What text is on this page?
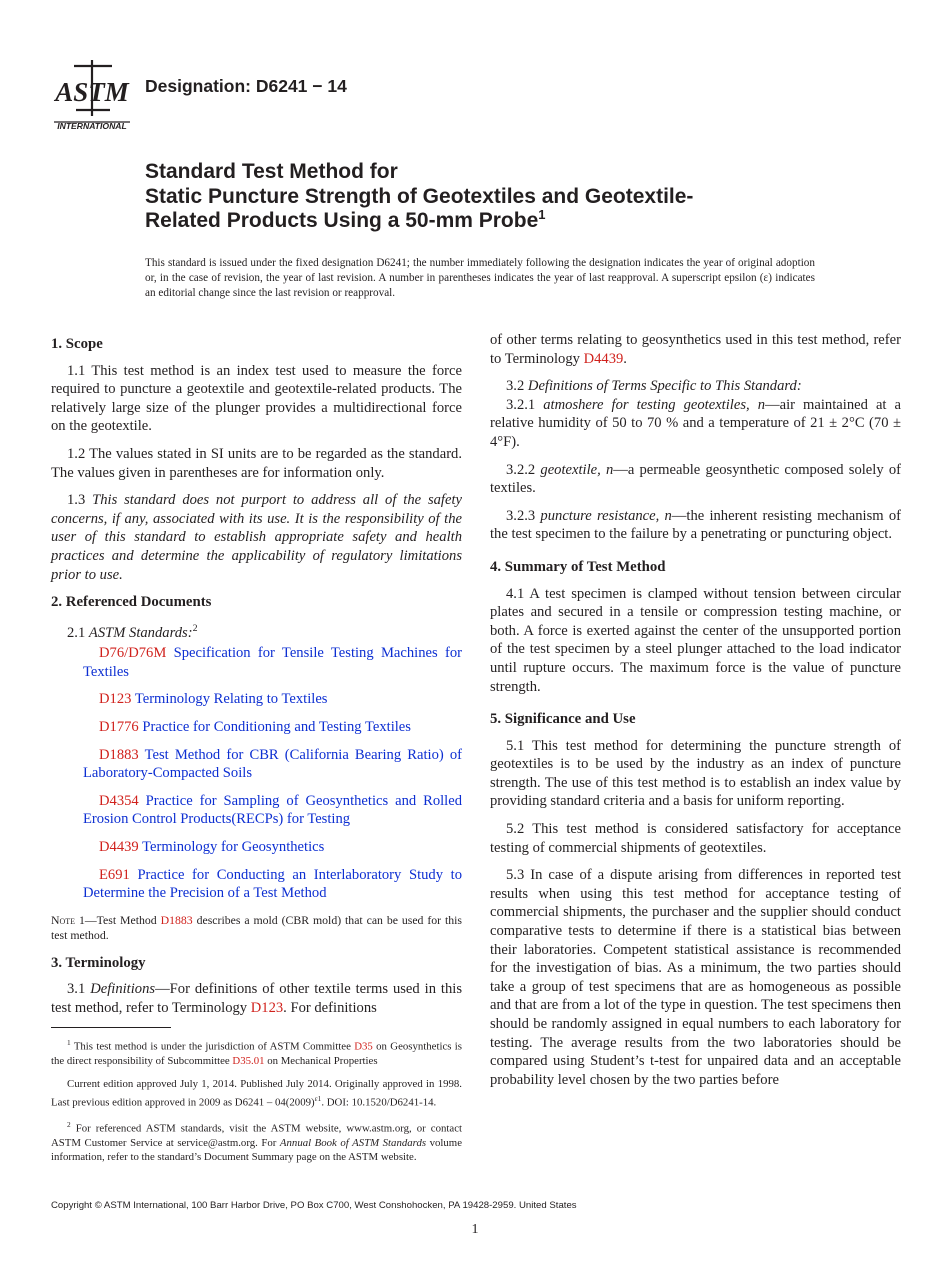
ASTM
INTERNATIONAL
Designation: D6241 − 14
Standard Test Method for
Static Puncture Strength of Geotextiles and Geotextile-
Related Products Using a 50-mm Probe$^1$
This standard is issued under the fixed designation D6241; the number immediately following the designation indicates the year of original adoption or, in the case of revision, the year of last revision. A number in parentheses indicates the year of last reapproval. A superscript epsilon (ε) indicates an editorial change since the last revision or reapproval.
1. Scope

1.1 This test method is an index test used to measure the force required to puncture a geotextile and geotextile-related products. The relatively large size of the plunger provides a multidirectional force on the geotextile.

1.2 The values stated in SI units are to be regarded as the standard. The values given in parentheses are for information only.

1.3 This standard does not purport to address all of the safety concerns, if any, associated with its use. It is the responsibility of the user of this standard to establish appropriate safety and health practices and determine the applicability of regulatory limitations prior to use.

2. Referenced Documents

2.1 ASTM Standards:$^2$

D76/D76M Specification for Tensile Testing Machines for Textiles

D123 Terminology Relating to Textiles

D1776 Practice for Conditioning and Testing Textiles

D1883 Test Method for CBR (California Bearing Ratio) of Laboratory-Compacted Soils

D4354 Practice for Sampling of Geosynthetics and Rolled Erosion Control Products(RECPs) for Testing

D4439 Terminology for Geosynthetics

E691 Practice for Conducting an Interlaboratory Study to Determine the Precision of a Test Method

Note 1—Test Method D1883 describes a mold (CBR mold) that can be used for this test method.
3. Terminology

3.1 Definitions—For definitions of other textile terms used in this test method, refer to Terminology D123. For definitions

$^1$ This test method is under the jurisdiction of ASTM Committee D35 on Geosynthetics is the direct responsibility of Subcommittee D35.01 on Mechanical Properties

Current edition approved July 1, 2014. Published July 2014. Originally approved in 1998. Last previous edition approved in 2009 as $D6241 - 04(2009)^{\varepsilon 1}$. DOI: 10.1520/D6241-14.

$^2$ For referenced ASTM standards, visit the ASTM website, www.astm.org, or contact ASTM Customer Service at service@astm.org. For Annual Book of ASTM Standards volume information, refer to the standard’s Document Summary page on the ASTM website.

of other terms relating to geosynthetics used in this test method, refer to Terminology D4439.

3.2 Definitions of Terms Specific to This Standard:

3.2.1 atmoshere for testing geotextiles, n—air maintained at a relative humidity of 50 to 70 % and a temperature of 21 ± 2°C (70 ± 4°F).

3.2.2 geotextile, n—a permeable geosynthetic composed solely of textiles.

3.2.3 puncture resistance, n—the inherent resisting mechanism of the test specimen to the failure by a penetrating or puncturing object.

4. Summary of Test Method

4.1 A test specimen is clamped without tension between circular plates and secured in a tensile or compression testing machine, or both. A force is exerted against the center of the unsupported portion of the test specimen by a steel plunger attached to the load indicator until rupture occurs. The maximum force is the value of puncture strength.

5. Significance and Use

5.1 This test method for determining the puncture strength of geotextiles is to be used by the industry as an index of puncture strength. The use of this test method is to establish an index value by providing standard criteria and a basis for uniform reporting.

5.2 This test method is considered satisfactory for acceptance testing of commercial shipments of geotextiles.

5.3 In case of a dispute arising from differences in reported test results when using this test method for acceptance testing of commercial shipments, the purchaser and the supplier should conduct comparative tests to determine if there is a statistical bias between their laboratories. Competent statistical assistance is recommended for the investigation of bias. As a minimum, the two parties should take a group of test specimens that are as homogeneous as possible and that are from a lot of the type in question. The test specimens then should be randomly assigned in equal numbers to each laboratory for testing. The average results from the two laboratories should be compared using Student’s t-test for unpaired data and an acceptable probability level chosen by the two parties before

Copyright © ASTM International, 100 Barr Harbor Drive, PO Box C700, West Conshohocken, PA 19428-2959. United States
1
